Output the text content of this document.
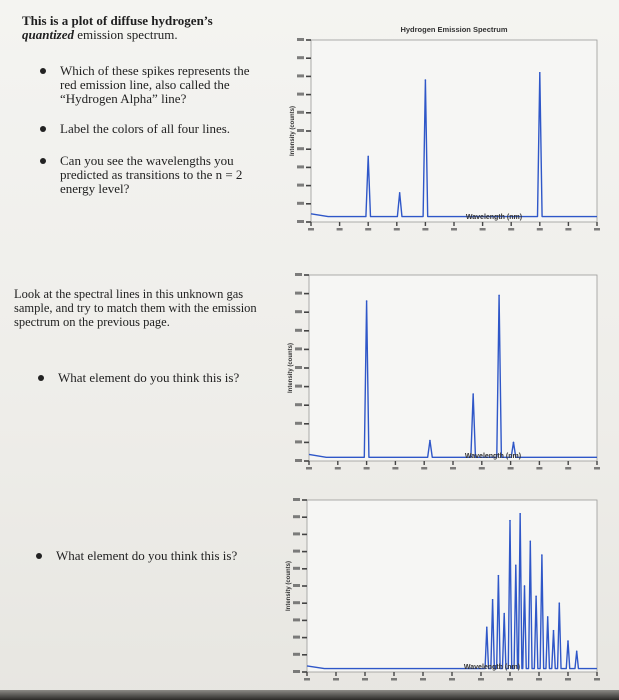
This is a plot of diffuse hydrogen’s
quantized emission spectrum.
Which of these spikes represents the red emission line, also called the “Hydrogen Alpha” line?
Label the colors of all four lines.
Can you see the wavelengths you predicted as transitions to the n = 2 energy level?
Look at the spectral lines in this unknown gas sample, and try to match them with the emission spectrum on the previous page.
What element do you think this is?
What element do you think this is?
Wavelength (nm)
Intensity (counts)
Hydrogen Emission Spectrum
Wavelength (nm)
Intensity (counts)
Wavelength (nm)
Intensity (counts)
